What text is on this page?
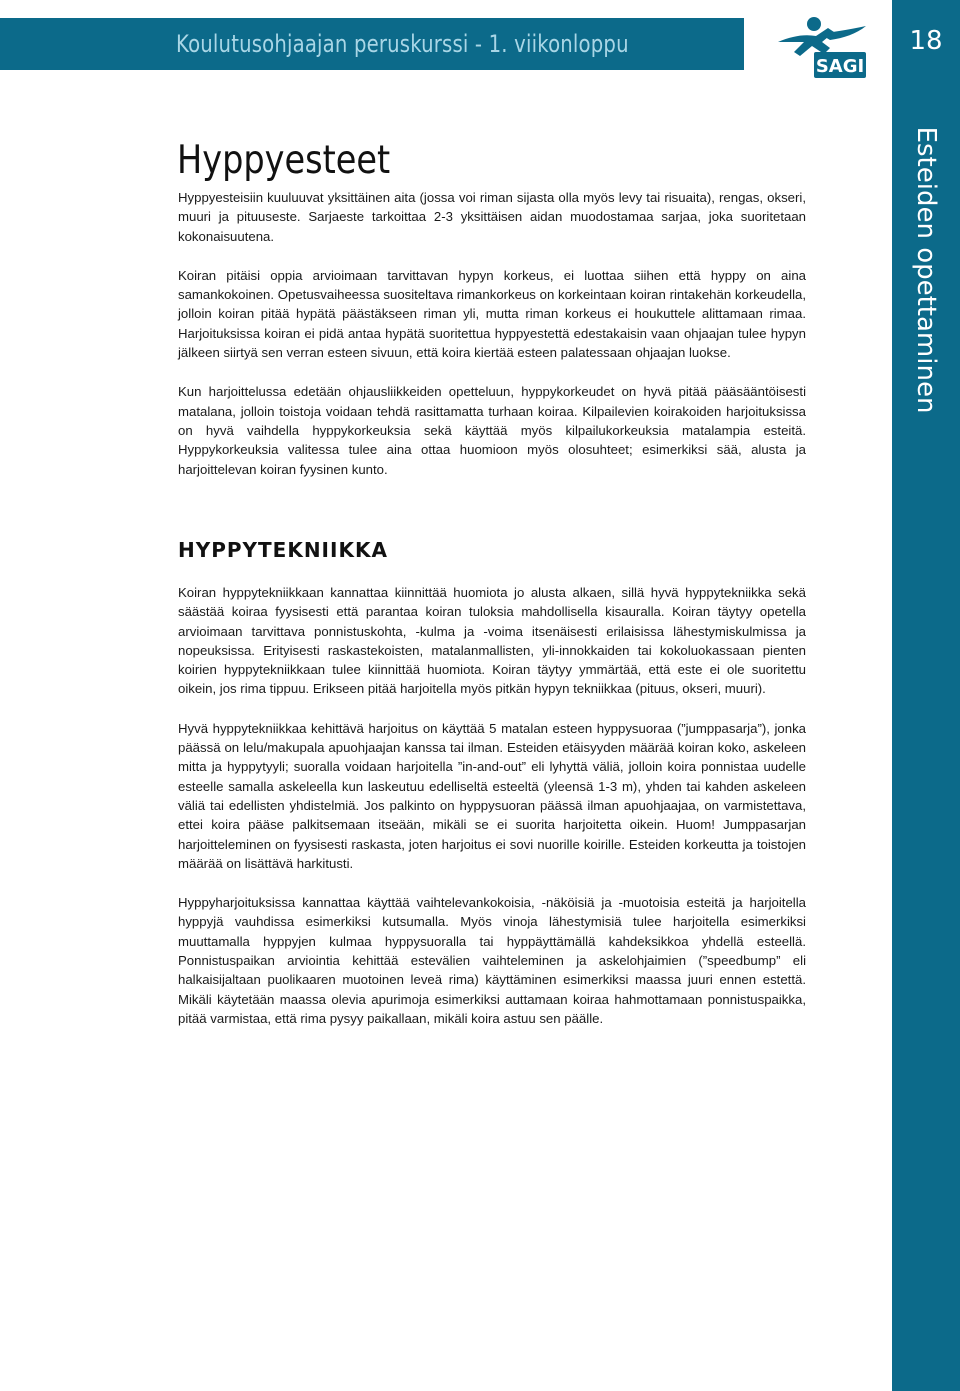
Koulutusohjaajan peruskurssi - 1. viikonloppu
SAGI
18
Esteiden opettaminen
Hyppyesteet

Hyppyesteisiin kuuluuvat yksittäinen aita (jossa voi riman sijasta olla myös levy tai risuaita), rengas, okseri, muuri ja pituuseste. Sarjaeste tarkoittaa 2-3 yksittäisen aidan muodostamaa sarjaa, joka suoritetaan kokonaisuutena.

Koiran pitäisi oppia arvioimaan tarvittavan hypyn korkeus, ei luottaa siihen että hyppy on aina samankokoinen. Opetusvaiheessa suositeltava rimankorkeus on korkeintaan koiran rintakehän korkeudella, jolloin koiran pitää hypätä päästäkseen riman yli, mutta riman korkeus ei houkuttele alittamaan rimaa. Harjoituksissa koiran ei pidä antaa hypätä suoritettua hyppyestettä edestakaisin vaan ohjaajan tulee hypyn jälkeen siirtyä sen verran esteen sivuun, että koira kiertää esteen palatessaan ohjaajan luokse.

Kun harjoittelussa edetään ohjausliikkeiden opetteluun, hyppykorkeudet on hyvä pitää pääsääntöisesti matalana, jolloin toistoja voidaan tehdä rasittamatta turhaan koiraa. Kilpailevien koirakoiden harjoituksissa on hyvä vaihdella hyppykorkeuksia sekä käyttää myös kilpailukorkeuksia matalampia esteitä. Hyppykorkeuksia valitessa tulee aina ottaa huomioon myös olosuhteet; esimerkiksi sää, alusta ja harjoittelevan koiran fyysinen kunto.

HYPPYTEKNIIKKA

Koiran hyppytekniikkaan kannattaa kiinnittää huomiota jo alusta alkaen, sillä hyvä hyppytekniikka sekä säästää koiraa fyysisesti että parantaa koiran tuloksia mahdollisella kisauralla. Koiran täytyy opetella arvioimaan tarvittava ponnistuskohta, -kulma ja -voima itsenäisesti erilaisissa lähestymiskulmissa ja nopeuksissa. Erityisesti raskastekoisten, matalanmallisten, yli-innokkaiden tai kokoluokassaan pienten koirien hyppytekniikkaan tulee kiinnittää huomiota. Koiran täytyy ymmärtää, että este ei ole suoritettu oikein, jos rima tippuu. Erikseen pitää harjoitella myös pitkän hypyn tekniikkaa (pituus, okseri, muuri).

Hyvä hyppytekniikkaa kehittävä harjoitus on käyttää 5 matalan esteen hyppysuoraa (”jumppasarja”), jonka päässä on lelu/makupala apuohjaajan kanssa tai ilman. Esteiden etäisyyden määrää koiran koko, askeleen mitta ja hyppytyyli; suoralla voidaan harjoitella ”in-and-out” eli lyhyttä väliä, jolloin koira ponnistaa uudelle esteelle samalla askeleella kun laskeutuu edelliseltä esteeltä (yleensä 1-3 m), yhden tai kahden askeleen väliä tai edellisten yhdistelmiä. Jos palkinto on hyppysuoran päässä ilman apuohjaajaa, on varmistettava, ettei koira pääse palkitsemaan itseään, mikäli se ei suorita harjoitetta oikein. Huom! Jumppasarjan harjoitteleminen on fyysisesti raskasta, joten harjoitus ei sovi nuorille koirille. Esteiden korkeutta ja toistojen määrää on lisättävä harkitusti.

Hyppyharjoituksissa kannattaa käyttää vaihtelevankokoisia, -näköisiä ja -muotoisia esteitä ja harjoitella hyppyjä vauhdissa esimerkiksi kutsumalla. Myös vinoja lähestymisiä tulee harjoitella esimerkiksi muuttamalla hyppyjen kulmaa hyppysuoralla tai hyppäyttämällä kahdeksikkoa yhdellä esteellä. Ponnistuspaikan arviointia kehittää estevälien vaihteleminen ja askelohjaimien (”speedbump” eli halkaisijaltaan puolikaaren muotoinen leveä rima) käyttäminen esimerkiksi maassa juuri ennen estettä. Mikäli käytetään maassa olevia apurimoja esimerkiksi auttamaan koiraa hahmottamaan ponnistuspaikka, pitää varmistaa, että rima pysyy paikallaan, mikäli koira astuu sen päälle.
